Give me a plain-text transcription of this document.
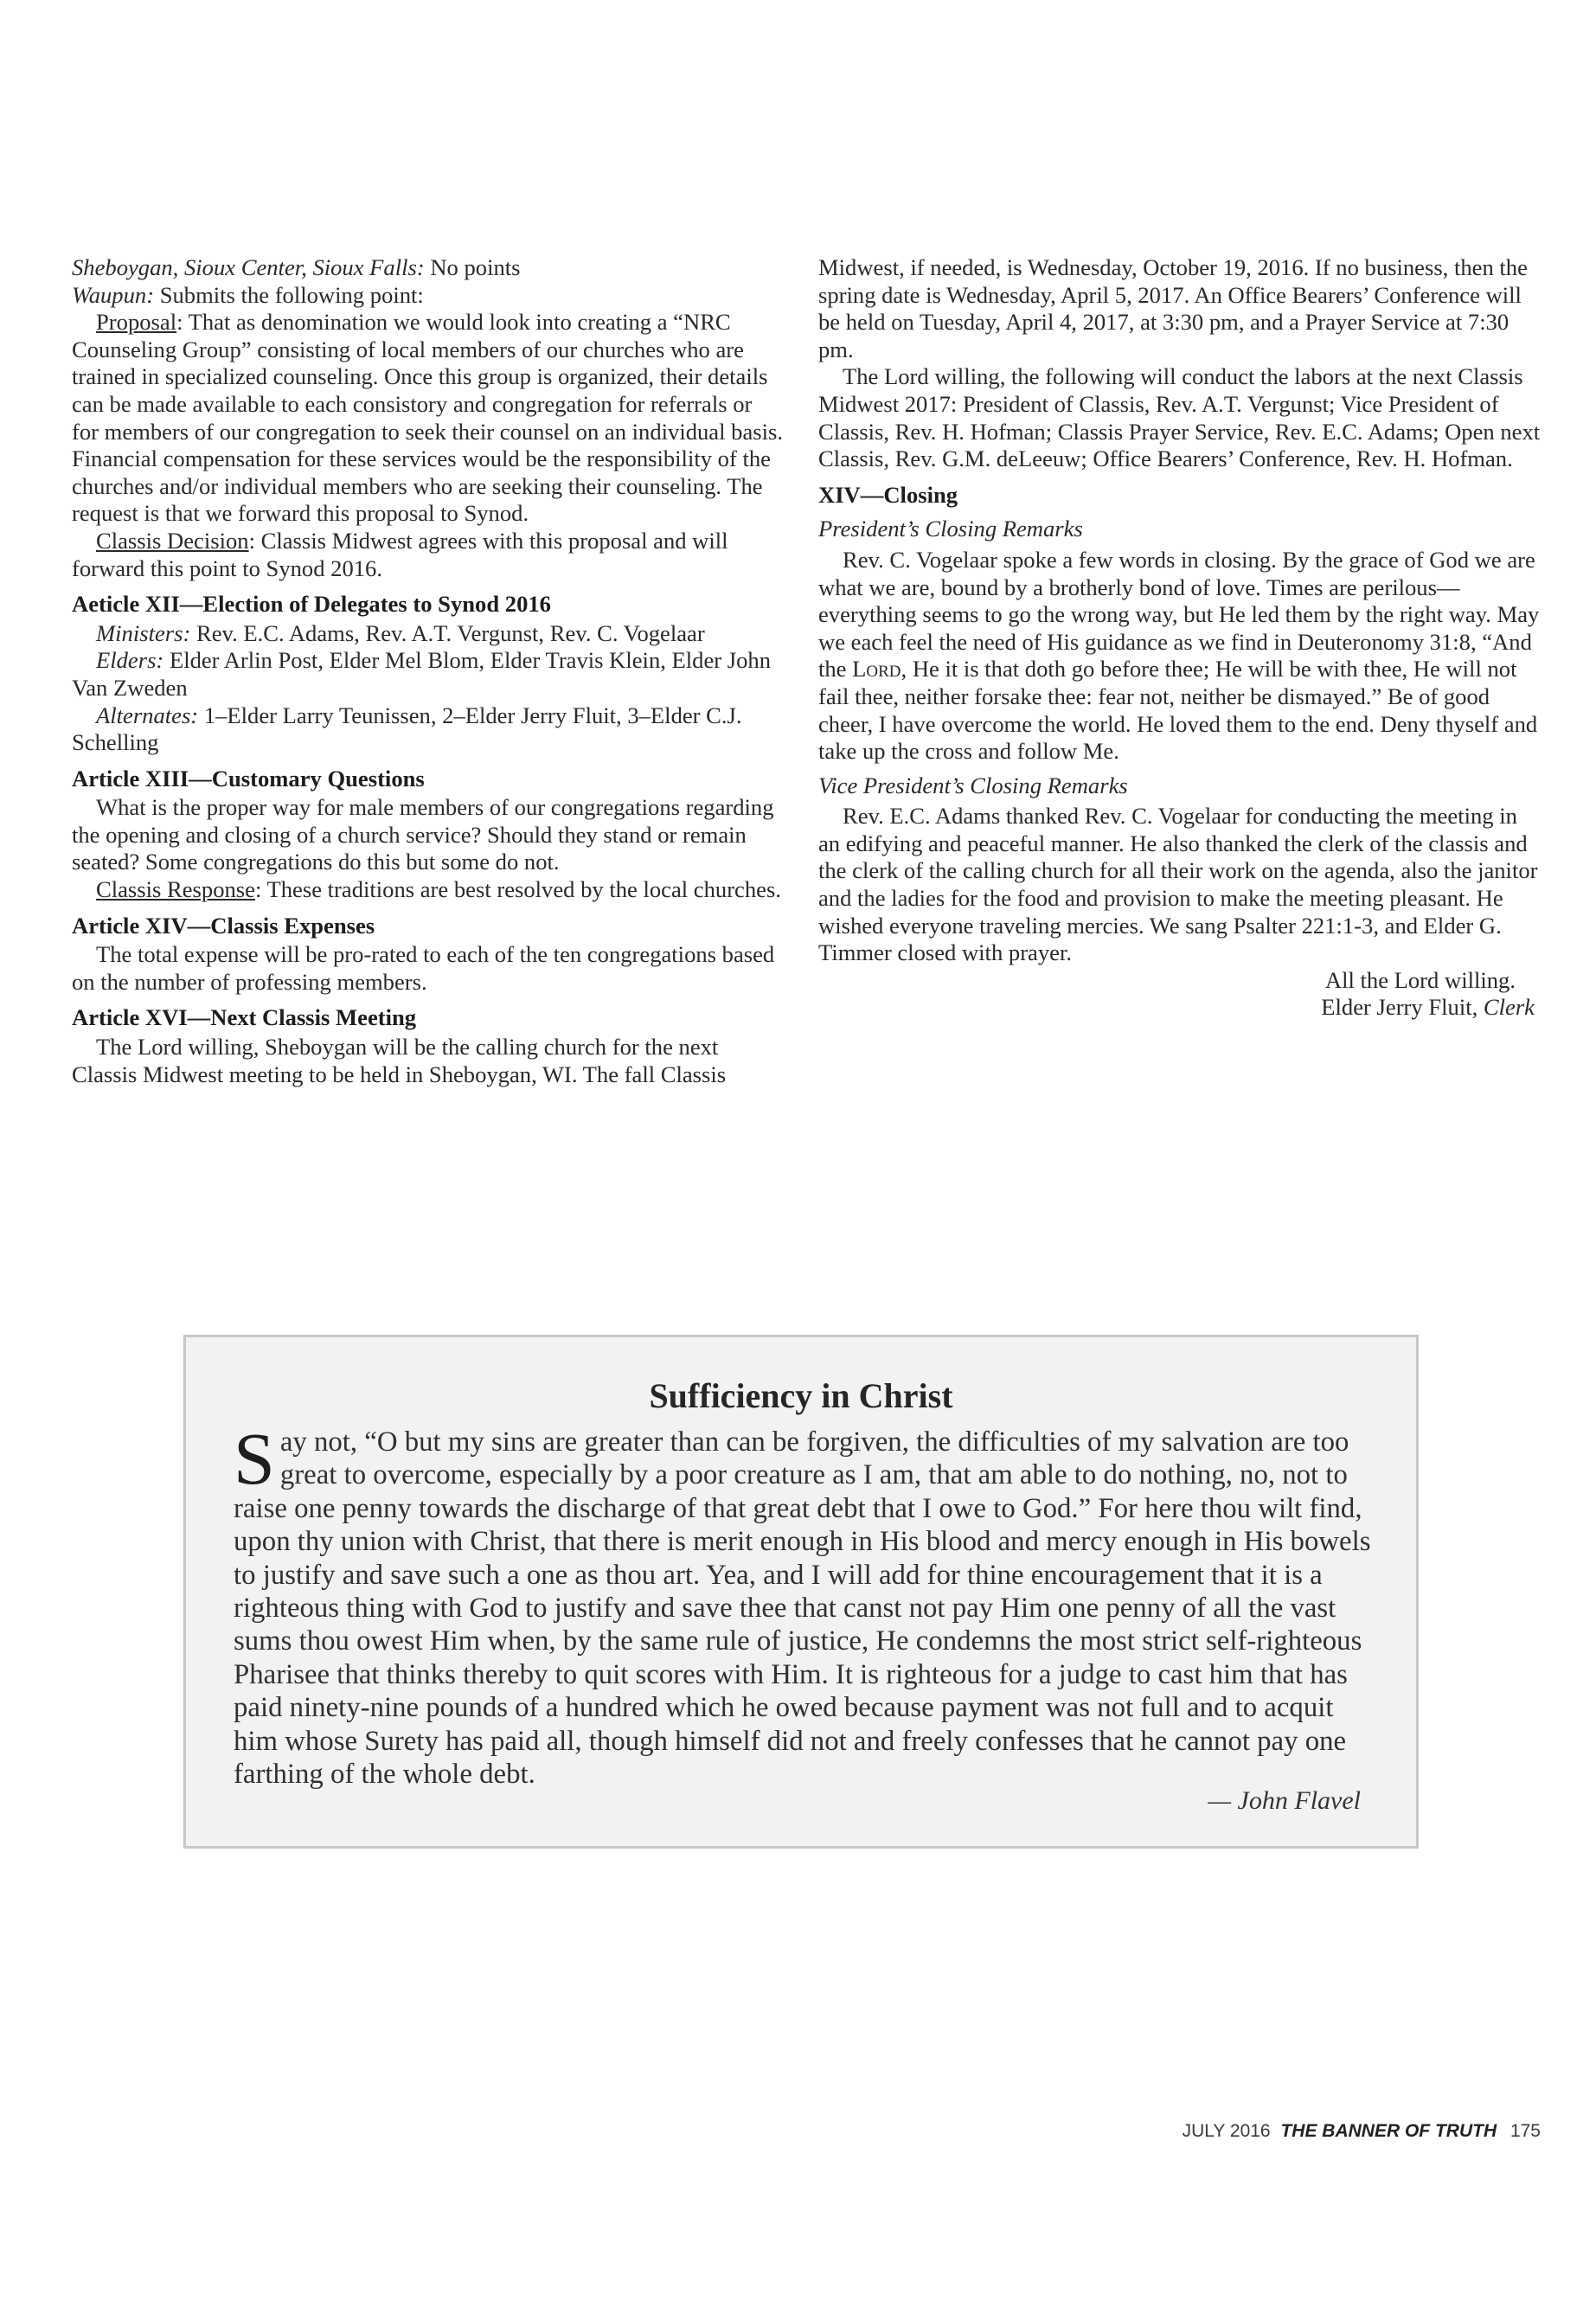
Sheboygan, Sioux Center, Sioux Falls: No points

Waupun: Submits the following point:

Proposal: That as denomination we would look into creating a “NRC Counseling Group” consisting of local members of our churches who are trained in specialized counseling. Once this group is organized, their details can be made available to each consistory and congregation for referrals or for members of our congregation to seek their counsel on an individual basis. Financial compensation for these services would be the responsibility of the churches and/or individual members who are seeking their counseling. The request is that we forward this proposal to Synod.

Classis Decision: Classis Midwest agrees with this proposal and will forward this point to Synod 2016.

Aeticle XII—Election of Delegates to Synod 2016

Ministers: Rev. E.C. Adams, Rev. A.T. Vergunst, Rev. C. Vogelaar

Elders: Elder Arlin Post, Elder Mel Blom, Elder Travis Klein, Elder John Van Zweden

Alternates: 1–Elder Larry Teunissen, 2–Elder Jerry Fluit, 3–Elder C.J. Schelling

Article XIII—Customary Questions

What is the proper way for male members of our congregations regarding the opening and closing of a church service? Should they stand or remain seated? Some congregations do this but some do not.

Classis Response: These traditions are best resolved by the local churches.

Article XIV—Classis Expenses

The total expense will be pro-rated to each of the ten congregations based on the number of professing members.

Article XVI—Next Classis Meeting

The Lord willing, Sheboygan will be the calling church for the next Classis Midwest meeting to be held in Sheboygan, WI. The fall Classis

Midwest, if needed, is Wednesday, October 19, 2016. If no business, then the spring date is Wednesday, April 5, 2017. An Office Bearers’ Conference will be held on Tuesday, April 4, 2017, at 3:30 pm, and a Prayer Service at 7:30 pm.

The Lord willing, the following will conduct the labors at the next Classis Midwest 2017: President of Classis, Rev. A.T. Vergunst; Vice President of Classis, Rev. H. Hofman; Classis Prayer Service, Rev. E.C. Adams; Open next Classis, Rev. G.M. deLeeuw; Office Bearers’ Conference, Rev. H. Hofman.

XIV—Closing

President’s Closing Remarks

Rev. C. Vogelaar spoke a few words in closing. By the grace of God we are what we are, bound by a brotherly bond of love. Times are perilous—everything seems to go the wrong way, but He led them by the right way. May we each feel the need of His guidance as we find in Deuteronomy 31:8, “And the Lord, He it is that doth go before thee; He will be with thee, He will not fail thee, neither forsake thee: fear not, neither be dismayed.” Be of good cheer, I have overcome the world. He loved them to the end. Deny thyself and take up the cross and follow Me.

Vice President’s Closing Remarks

Rev. E.C. Adams thanked Rev. C. Vogelaar for conducting the meeting in an edifying and peaceful manner. He also thanked the clerk of the classis and the clerk of the calling church for all their work on the agenda, also the janitor and the ladies for the food and provision to make the meeting pleasant. He wished everyone traveling mercies. We sang Psalter 221:1-3, and Elder G. Timmer closed with prayer.

All the Lord willing.

Elder Jerry Fluit, Clerk

Sufficiency in Christ
Say not, “O but my sins are greater than can be forgiven, the difficulties of my salvation are too great to overcome, especially by a poor creature as I am, that am able to do nothing, no, not to raise one penny towards the discharge of that great debt that I owe to God.” For here thou wilt find, upon thy union with Christ, that there is merit enough in His blood and mercy enough in His bowels to justify and save such a one as thou art. Yea, and I will add for thine encouragement that it is a righteous thing with God to justify and save thee that canst not pay Him one penny of all the vast sums thou owest Him when, by the same rule of justice, He condemns the most strict self-righteous Pharisee that thinks thereby to quit scores with Him. It is righteous for a judge to cast him that has paid ninety-nine pounds of a hundred which he owed because payment was not full and to acquit him whose Surety has paid all, though himself did not and freely confesses that he cannot pay one farthing of the whole debt.
— John Flavel
JULY 2016 THE BANNER OF TRUTH 175
